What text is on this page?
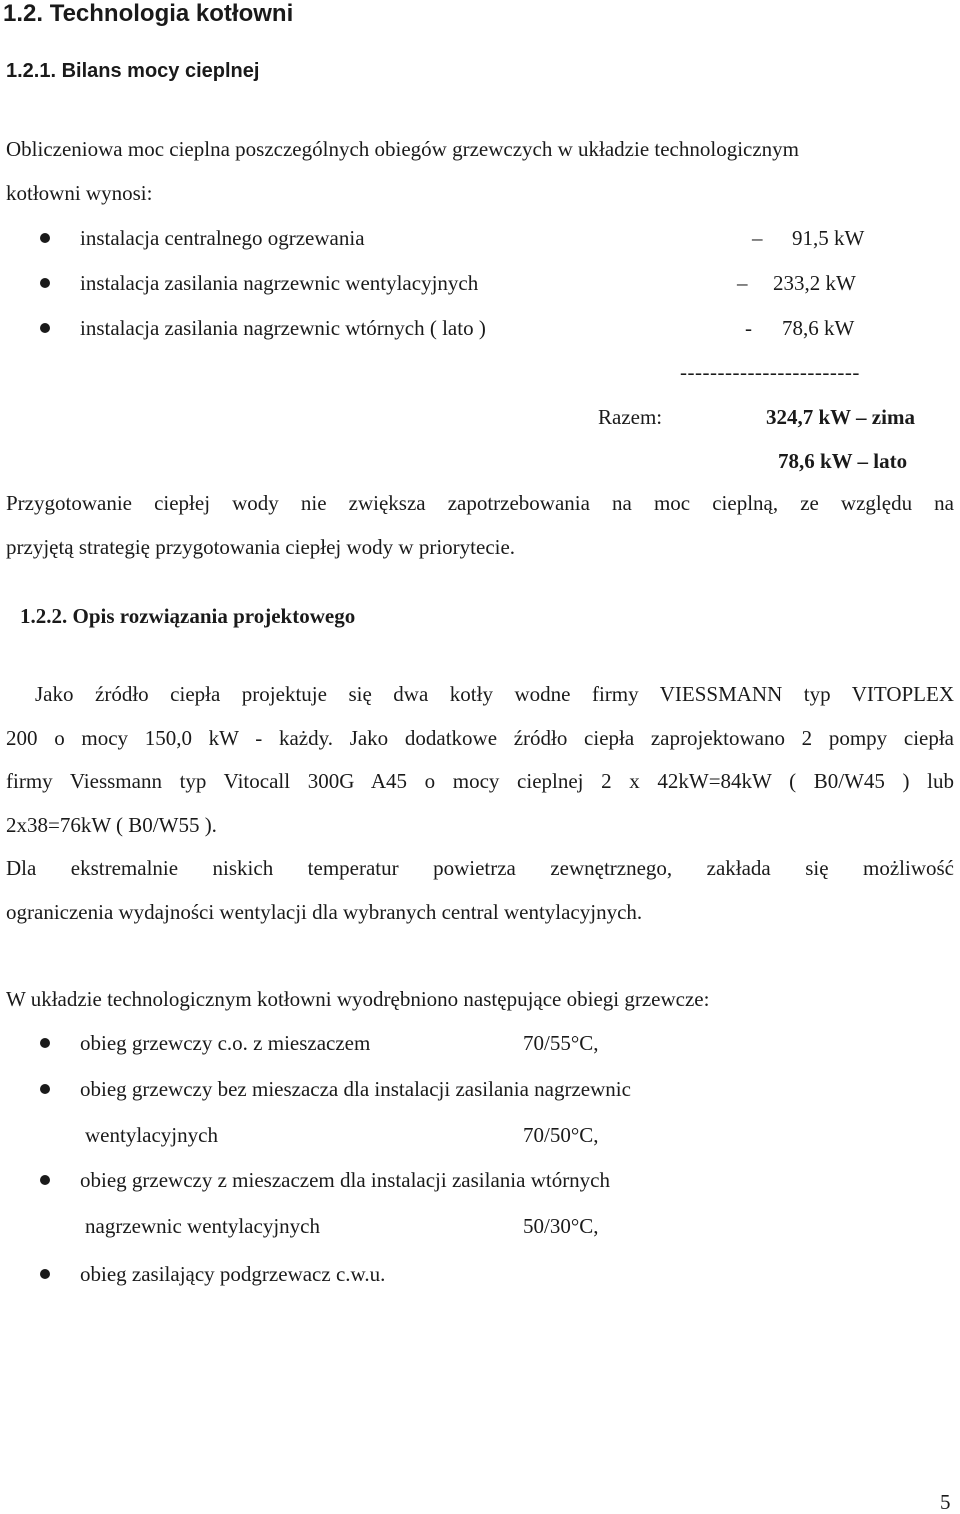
1.2. Technologia kotłowni
1.2.1. Bilans mocy cieplnej
Obliczeniowa moc cieplna poszczególnych obiegów grzewczych w układzie technologicznym
kotłowni wynosi:
instalacja centralnego ogrzewania	– 91,5 kW
instalacja zasilania nagrzewnic wentylacyjnych	– 233,2 kW
instalacja zasilania nagrzewnic wtórnych ( lato )	- 78,6 kW
------------------------
Razem:	324,7 kW – zima
78,6 kW – lato
Przygotowanie ciepłej wody nie zwiększa zapotrzebowania na moc cieplną, ze względu na
przyjętą strategię przygotowania ciepłej wody w priorytecie.
1.2.2. Opis rozwiązania projektowego
Jako źródło ciepła projektuje się dwa kotły wodne firmy VIESSMANN typ VITOPLEX
200 o mocy 150,0 kW - każdy. Jako dodatkowe źródło ciepła zaprojektowano 2 pompy ciepła
firmy Viessmann typ Vitocall 300G A45 o mocy cieplnej 2 x 42kW=84kW ( B0/W45 ) lub
2x38=76kW ( B0/W55 ).
Dla ekstremalnie niskich temperatur powietrza zewnętrznego, zakłada się możliwość
ograniczenia wydajności wentylacji dla wybranych central wentylacyjnych.
W układzie technologicznym kotłowni wyodrębniono następujące obiegi grzewcze:
obieg grzewczy c.o. z mieszaczem	70/55°C,
obieg grzewczy bez mieszacza dla instalacji zasilania nagrzewnic
wentylacyjnych	70/50°C,
obieg grzewczy z mieszaczem dla instalacji zasilania wtórnych
nagrzewnic wentylacyjnych	50/30°C,
obieg zasilający podgrzewacz c.w.u.
5
